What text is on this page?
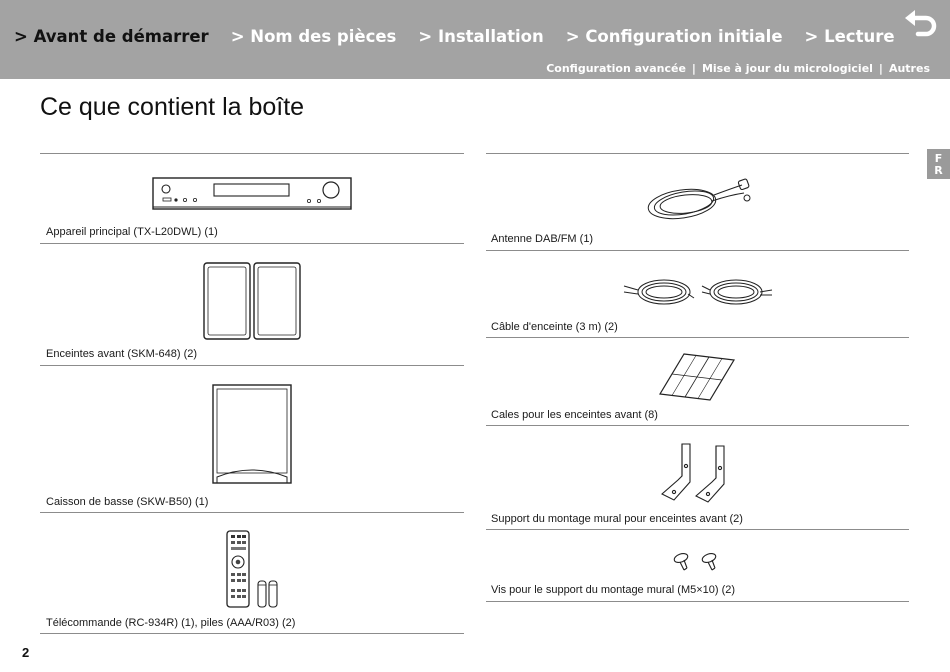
> Avant de démarrer > Nom des pièces > Installation > Configuration initiale > Lecture
Configuration avancée | Mise à jour du micrologiciel | Autres
Ce que contient la boîte
F
R
Appareil principal (TX-L20DWL) (1)
Enceintes avant (SKM-648) (2)
Caisson de basse (SKW-B50) (1)
Télécommande (RC-934R) (1), piles (AAA/R03) (2)
Antenne DAB/FM (1)
Câble d'enceinte (3 m) (2)
Cales pour les enceintes avant (8)
Support du montage mural pour enceintes avant (2)
Vis pour le support du montage mural (M5×10) (2)
2
